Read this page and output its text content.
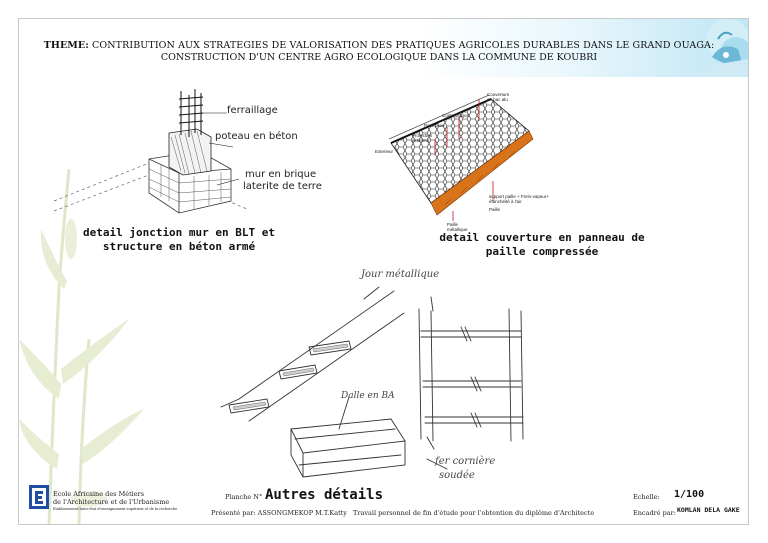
THEME: CONTRIBUTION AUX STRATEGIES DE VALORISATION DES PRATIQUES AGRICOLES DURABLES DANS LE GRAND OUAGA:
CONSTRUCTION D'UN CENTRE AGRO ECOLOGIQUE DANS LA COMMUNE DE KOUBRI
ferraillage
poteau en béton
mur en brique
laterite de terre
detail jonction mur en BLT et
structure en béton armé
Couverture
en bac alu
Contreplaqué
Pare-pluie
Protection
exterieur
Exterieur
support paille + Frein-vapeur+
étanchéité à l'air
Paille
Paille
métallique
detail couverture en panneau de
paille compressée
Jour métallique
Dalle en BA
fer cornière
soudée
Ecole Africaine des Métiers
de l'Architecture et de l'Urbanisme
Etablissement Inter-état d'enseignement supérieur et de la recherche
Planche N° Autres détails
Présenté par: ASSONGMEKOP M.T.Katty Travail personnel de fin d'étude pour l'obtention du diplôme d'Architecte
Echelle: 1/100
Encadré par: KOMLAN DELA GAKE
